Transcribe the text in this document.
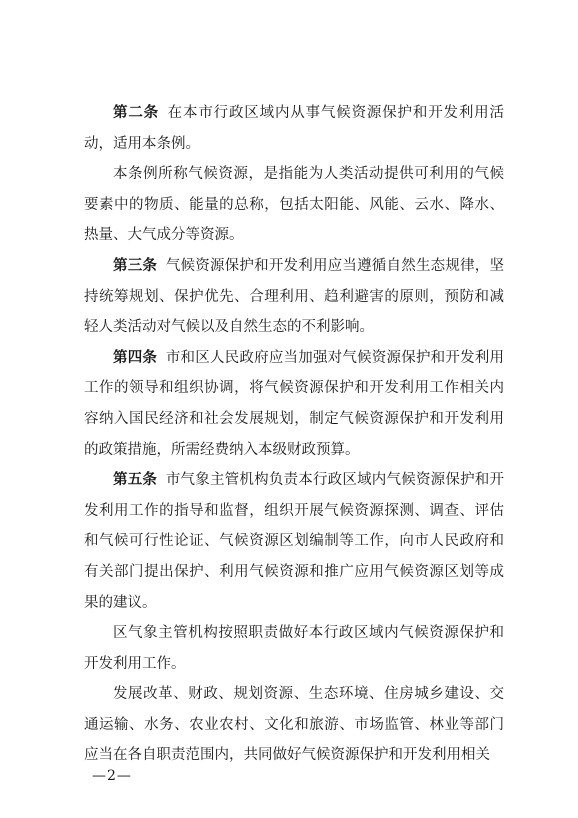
第二条 在本市行政区域内从事气候资源保护和开发利用活动，适用本条例。

本条例所称气候资源，是指能为人类活动提供可利用的气候要素中的物质、能量的总称，包括太阳能、风能、云水、降水、热量、大气成分等资源。

第三条 气候资源保护和开发利用应当遵循自然生态规律，坚持统筹规划、保护优先、合理利用、趋利避害的原则，预防和减轻人类活动对气候以及自然生态的不利影响。

第四条 市和区人民政府应当加强对气候资源保护和开发利用工作的领导和组织协调，将气候资源保护和开发利用工作相关内容纳入国民经济和社会发展规划，制定气候资源保护和开发利用的政策措施，所需经费纳入本级财政预算。

第五条 市气象主管机构负责本行政区域内气候资源保护和开发利用工作的指导和监督，组织开展气候资源探测、调查、评估和气候可行性论证、气候资源区划编制等工作，向市人民政府和有关部门提出保护、利用气候资源和推广应用气候资源区划等成果的建议。

区气象主管机构按照职责做好本行政区域内气候资源保护和开发利用工作。

发展改革、财政、规划资源、生态环境、住房城乡建设、交通运输、水务、农业农村、文化和旅游、市场监管、林业等部门应当在各自职责范围内，共同做好气候资源保护和开发利用相关

—2—
